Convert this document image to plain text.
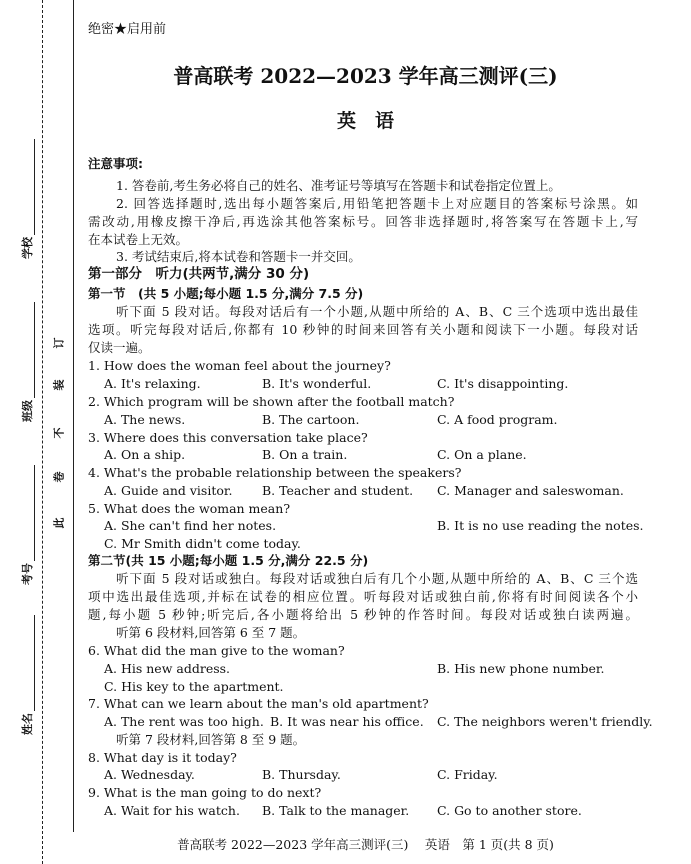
学校
班级
考号
姓名
订
装
不
卷
此
绝密★启用前
普高联考 2022—2023 学年高三测评(三)
英　语
注意事项:
1. 答卷前,考生务必将自己的姓名、准考证号等填写在答题卡和试卷指定位置上。
2. 回答选择题时,选出每小题答案后,用铅笔把答题卡上对应题目的答案标号涂黑。如
需改动,用橡皮擦干净后,再选涂其他答案标号。回答非选择题时,将答案写在答题卡上,写
在本试卷上无效。
3. 考试结束后,将本试卷和答题卡一并交回。
第一部分　听力(共两节,满分 30 分)
第一节　(共 5 小题;每小题 1.5 分,满分 7.5 分)
听下面 5 段对话。每段对话后有一个小题,从题中所给的 A、B、C 三个选项中选出最佳
选项。听完每段对话后,你都有 10 秒钟的时间来回答有关小题和阅读下一小题。每段对话
仅读一遍。
1. How does the woman feel about the journey?
A. It's relaxing.	B. It's wonderful.	C. It's disappointing.
2. Which program will be shown after the football match?
A. The news.	B. The cartoon.	C. A food program.
3. Where does this conversation take place?
A. On a ship.	B. On a train.	C. On a plane.
4. What's the probable relationship between the speakers?
A. Guide and visitor. B. Teacher and student. C. Manager and saleswoman.
5. What does the woman mean?
A. She can't find her notes.	B. It is no use reading the notes.
C. Mr Smith didn't come today.
第二节(共 15 小题;每小题 1.5 分,满分 22.5 分)
听下面 5 段对话或独白。每段对话或独白后有几个小题,从题中所给的 A、B、C 三个选
项中选出最佳选项,并标在试卷的相应位置。听每段对话或独白前,你将有时间阅读各个小
题,每小题 5 秒钟;听完后,各小题将给出 5 秒钟的作答时间。每段对话或独白读两遍。
听第 6 段材料,回答第 6 至 7 题。
6. What did the man give to the woman?
A. His new address.	B. His new phone number.
C. His key to the apartment.
7. What can we learn about the man's old apartment?
A. The rent was too high. B. It was near his office. C. The neighbors weren't friendly.
听第 7 段材料,回答第 8 至 9 题。
8. What day is it today?
A. Wednesday.	B. Thursday.	C. Friday.
9. What is the man going to do next?
A. Wait for his watch. B. Talk to the manager. C. Go to another store.
普高联考 2022—2023 学年高三测评(三)　 英语　第 1 页(共 8 页)
